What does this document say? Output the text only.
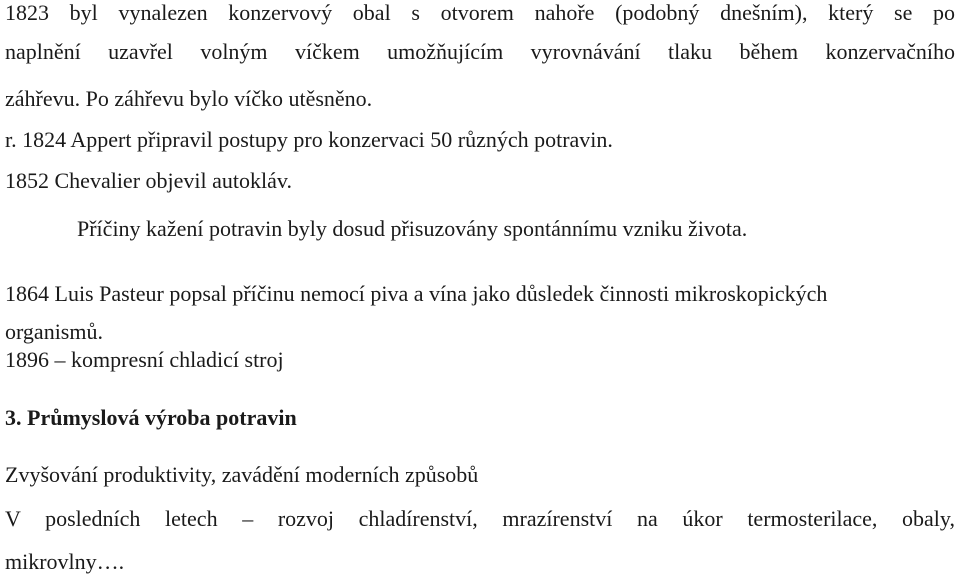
1823 byl vynalezen konzervový obal s otvorem nahoře (podobný dnešním), který se po

naplnění uzavřel volným víčkem umožňujícím vyrovnávání tlaku během konzervačního

záhřevu. Po záhřevu bylo víčko utěsněno.

r. 1824 Appert připravil postupy pro konzervaci 50 různých potravin.

1852 Chevalier objevil autokláv.

Příčiny kažení potravin byly dosud přisuzovány spontánnímu vzniku života.

1864 Luis Pasteur popsal příčinu nemocí piva a vína jako důsledek činnosti mikroskopických

organismů.

1896 – kompresní chladicí stroj

3. Průmyslová výroba potravin

Zvyšování produktivity, zavádění moderních způsobů

V posledních letech – rozvoj chladírenství, mrazírenství na úkor termosterilace, obaly,

mikrovlny….
